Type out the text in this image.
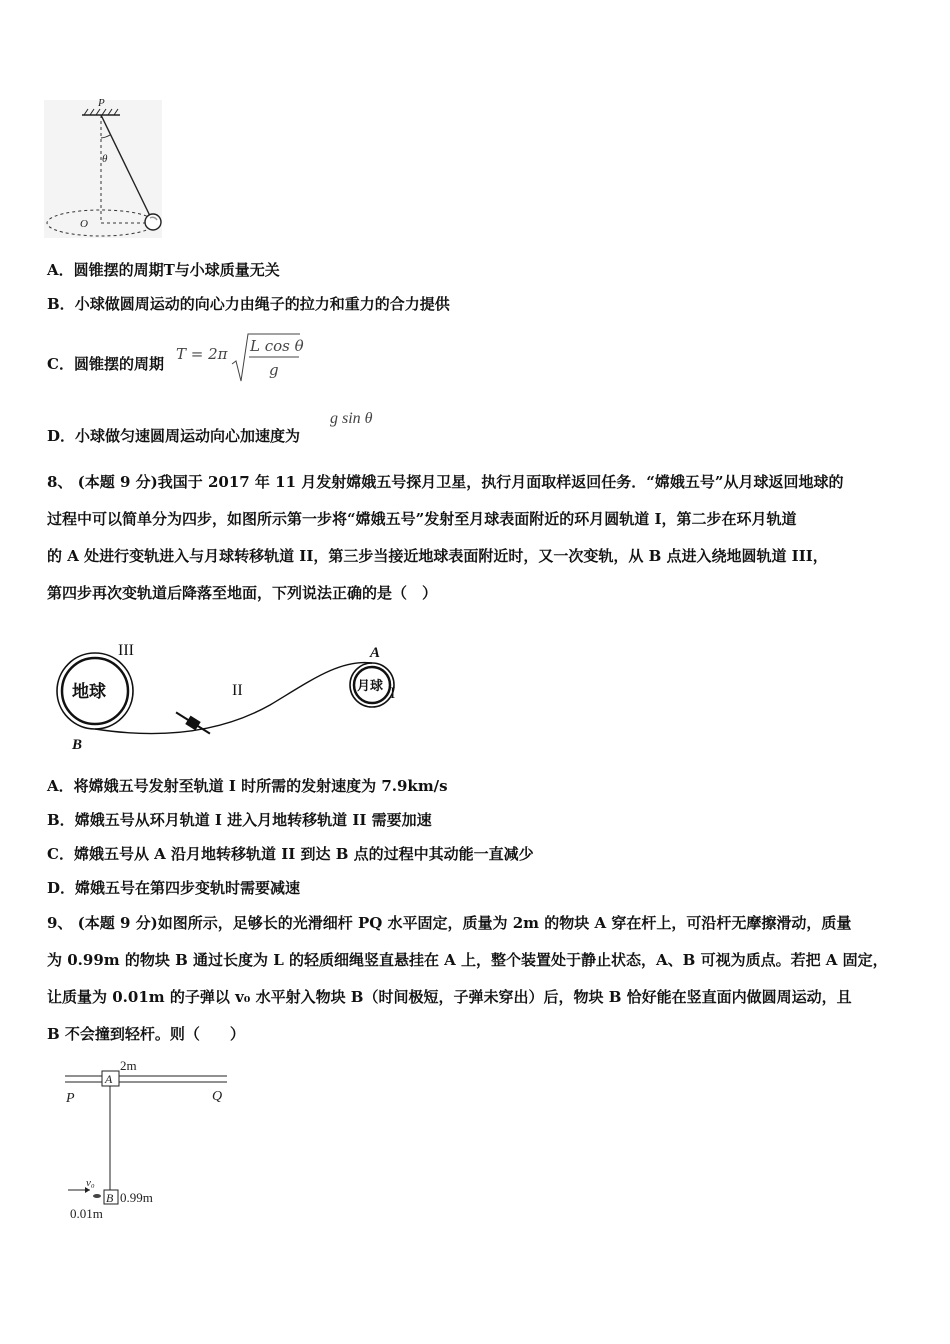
P
θ
O
A．圆锥摆的周期T与小球质量无关
B．小球做圆周运动的向心力由绳子的拉力和重力的合力提供
C．圆锥摆的周期
T = 2π L cos θ
g
D．小球做匀速圆周运动向心加速度为
g sin θ
8、 (本题 9 分)我国于 2017 年 11 月发射嫦娥五号探月卫星，执行月面取样返回任务．“嫦娥五号”从月球返回地球的
过程中可以简单分为四步，如图所示第一步将“嫦娥五号”发射至月球表面附近的环月圆轨道 I，第二步在环月轨道
的 A 处进行变轨进入与月球转移轨道 II，第三步当接近地球表面附近时，又一次变轨，从 B 点进入绕地圆轨道 III，
第四步再次变轨道后降落至地面，下列说法正确的是（　）
地球
III
月球
A
I
II
B
A．将嫦娥五号发射至轨道 I 时所需的发射速度为 7.9km/s
B．嫦娥五号从环月轨道 I 进入月地转移轨道 II 需要加速
C．嫦娥五号从 A 沿月地转移轨道 II 到达 B 点的过程中其动能一直减少
D．嫦娥五号在第四步变轨时需要减速
9、 (本题 9 分)如图所示，足够长的光滑细杆 PQ 水平固定，质量为 2m 的物块 A 穿在杆上，可沿杆无摩擦滑动，质量
为 0.99m 的物块 B 通过长度为 L 的轻质细绳竖直悬挂在 A 上，整个装置处于静止状态，A、B 可视为质点。若把 A 固定，
让质量为 0.01m 的子弹以 v₀ 水平射入物块 B（时间极短，子弹未穿出）后，物块 B 恰好能在竖直面内做圆周运动，且
B 不会撞到轻杆。则（　　）
A
2m
P	Q
B 0.99m
v₀
0.01m
